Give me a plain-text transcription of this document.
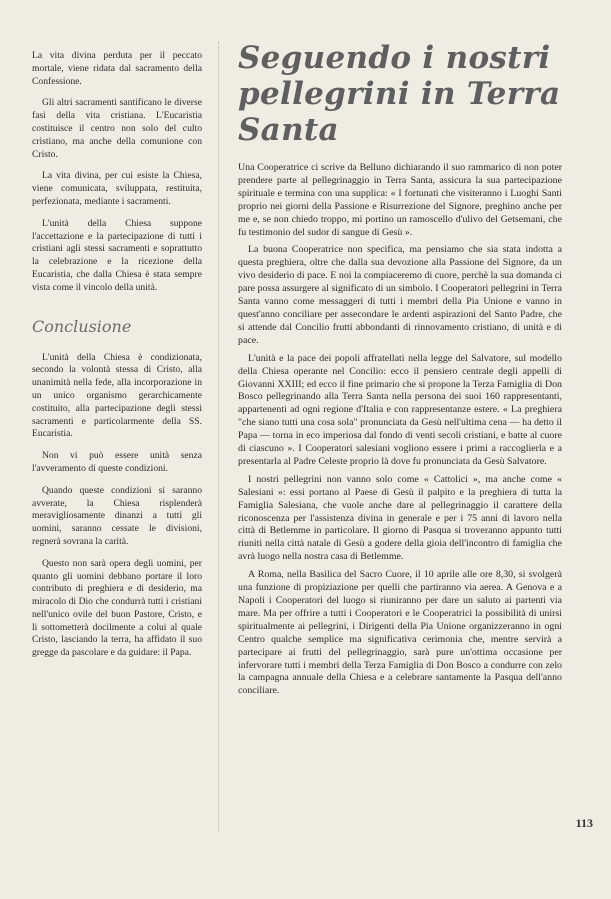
La vita divina perduta per il peccato mortale, viene ridata dal sacramento della Confessione.

Gli altri sacramenti santificano le diverse fasi della vita cristiana. L'Eucaristia costituisce il centro non solo del culto cristiano, ma anche della comunione con Cristo.

La vita divina, per cui esiste la Chiesa, viene comunicata, sviluppata, restituita, perfezionata, mediante i sacramenti.

L'unità della Chiesa suppone l'accettazione e la partecipazione di tutti i cristiani agli stessi sacramenti e soprattutto la celebrazione e la ricezione della Eucaristia, che dalla Chiesa è stata sempre vista come il vincolo della unità.

Conclusione

L'unità della Chiesa è condizionata, secondo la volontà stessa di Cristo, alla unanimità nella fede, alla incorporazione in un unico organismo gerarchicamente costituito, alla partecipazione degli stessi sacramenti e particolarmente della SS. Eucaristia.

Non vi può essere unità senza l'avveramento di queste condizioni.

Quando queste condizioni si saranno avverate, la Chiesa risplenderà meravigliosamente dinanzi a tutti gli uomini, saranno cessate le divisioni, regnerà sovrana la carità.

Questo non sarà opera degli uomini, per quanto gli uomini debbano portare il loro contributo di preghiera e di desiderio, ma miracolo di Dio che condurrà tutti i cristiani nell'unico ovile del buon Pastore, Cristo, e li sottometterà docilmente a colui al quale Cristo, lasciando la terra, ha affidato il suo gregge da pascolare e da guidare: il Papa.

Seguendo i nostri pellegrini in Terra Santa

Una Cooperatrice ci scrive da Belluno dichiarando il suo rammarico di non poter prendere parte al pellegrinaggio in Terra Santa, assicura la sua partecipazione spirituale e termina con una supplica: « I fortunati che visiteranno i Luoghi Santi proprio nei giorni della Passione e Risurrezione del Signore, preghino anche per me e, se non chiedo troppo, mi portino un ramoscello d'ulivo del Getsemani, che fu testimonio del sudor di sangue di Gesù ».

La buona Cooperatrice non specifica, ma pensiamo che sia stata indotta a questa preghiera, oltre che dalla sua devozione alla Passione del Signore, da un vivo desiderio di pace. E noi la compiaceremo di cuore, perchè la sua domanda ci pare possa assurgere al significato di un simbolo. I Cooperatori pellegrini in Terra Santa vanno come messaggeri di tutti i membri della Pia Unione e vanno in quest'anno conciliare per assecondare le ardenti aspirazioni del Santo Padre, che si attende dal Concilio frutti abbondanti di rinnovamento cristiano, di unità e di pace.

L'unità e la pace dei popoli affratellati nella legge del Salvatore, sul modello della Chiesa operante nel Concilio: ecco il pensiero centrale degli appelli di Giovanni XXIII; ed ecco il fine primario che si propone la Terza Famiglia di Don Bosco pellegrinando alla Terra Santa nella persona dei suoi 160 rappresentanti, appartenenti ad ogni regione d'Italia e con rappresentanze estere. « La preghiera "che siano tutti una cosa sola" pronunciata da Gesù nell'ultima cena — ha detto il Papa — torna in eco imperiosa dal fondo di venti secoli cristiani, e batte al cuore di ciascuno ». I Cooperatori salesiani vogliono essere i primi a raccoglierla e a presentarla al Padre Celeste proprio là dove fu pronunciata da Gesù Salvatore.

I nostri pellegrini non vanno solo come « Cattolici », ma anche come « Salesiani »: essi portano al Paese di Gesù il palpito e la preghiera di tutta la Famiglia Salesiana, che vuole anche dare al pellegrinaggio il carattere della riconoscenza per l'assistenza divina in generale e per i 75 anni di lavoro nella città di Betlemme in particolare. Il giorno di Pasqua si troveranno appunto tutti riuniti nella città natale di Gesù a godere della gioia dell'incontro di famiglia che avrà luogo nella nostra casa di Betlemme.

A Roma, nella Basilica del Sacro Cuore, il 10 aprile alle ore 8,30, si svolgerà una funzione di propiziazione per quelli che partiranno via aerea. A Genova e a Napoli i Cooperatori del luogo si riuniranno per dare un saluto ai partenti via mare. Ma per offrire a tutti i Cooperatori e le Cooperatrici la possibilità di unirsi spiritualmente ai pellegrini, i Dirigenti della Pia Unione organizzeranno in ogni Centro qualche semplice ma significativa cerimonia che, mentre servirà a partecipare ai frutti del pellegrinaggio, sarà pure un'ottima occasione per infervorare tutti i membri della Terza Famiglia di Don Bosco a condurre con zelo la campagna annuale della Chiesa e a celebrare santamente la Pasqua dell'anno conciliare.

113
